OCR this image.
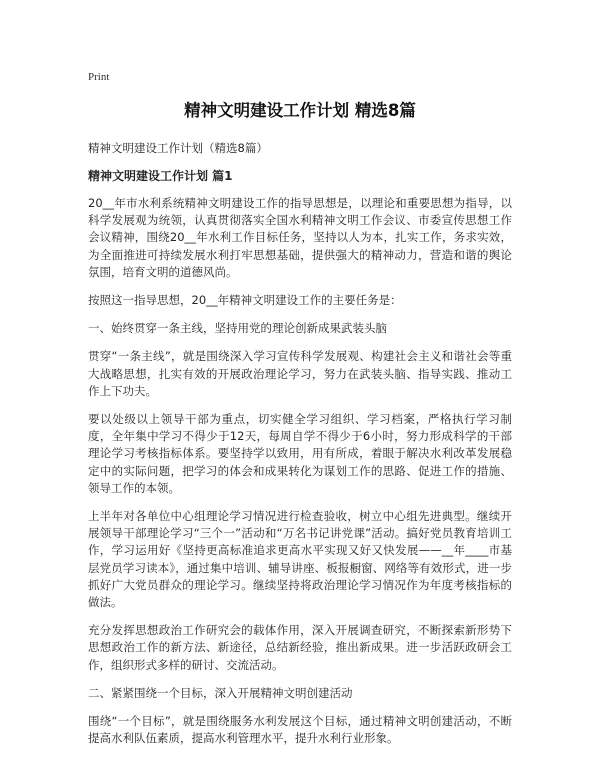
Print
精神文明建设工作计划 精选8篇
精神文明建设工作计划（精选8篇）
精神文明建设工作计划 篇1

20__年市水利系统精神文明建设工作的指导思想是，以理论和重要思想为指导，以科学发展观为统领，认真贯彻落实全国水利精神文明工作会议、市委宣传思想工作会议精神，围绕20__年水利工作目标任务，坚持以人为本，扎实工作，务求实效，为全面推进可持续发展水利打牢思想基础，提供强大的精神动力，营造和谐的舆论氛围，培育文明的道德风尚。

按照这一指导思想，20__年精神文明建设工作的主要任务是：

一、始终贯穿一条主线，坚持用党的理论创新成果武装头脑

贯穿“一条主线”，就是围绕深入学习宣传科学发展观、构建社会主义和谐社会等重大战略思想，扎实有效的开展政治理论学习，努力在武装头脑、指导实践、推动工作上下功夫。

要以处级以上领导干部为重点，切实健全学习组织、学习档案，严格执行学习制度，全年集中学习不得少于12天，每周自学不得少于6小时，努力形成科学的干部理论学习考核指标体系。要坚持学以致用，用有所成，着眼于解决水利改革发展稳定中的实际问题，把学习的体会和成果转化为谋划工作的思路、促进工作的措施、领导工作的本领。

上半年对各单位中心组理论学习情况进行检查验收，树立中心组先进典型。继续开展领导干部理论学习“三个一”活动和“万名书记讲党课”活动。搞好党员教育培训工作，学习运用好《坚持更高标准追求更高水平实现又好又快发展——__年____市基层党员学习读本》，通过集中培训、辅导讲座、板报橱窗、网络等有效形式，进一步抓好广大党员群众的理论学习。继续坚持将政治理论学习情况作为年度考核指标的做法。

充分发挥思想政治工作研究会的载体作用，深入开展调查研究，不断探索新形势下思想政治工作的新方法、新途径，总结新经验，推出新成果。进一步活跃政研会工作，组织形式多样的研讨、交流活动。

二、紧紧围绕一个目标，深入开展精神文明创建活动

围绕“一个目标”，就是围绕服务水利发展这个目标，通过精神文明创建活动，不断提高水利队伍素质，提高水利管理水平，提升水利行业形象。
